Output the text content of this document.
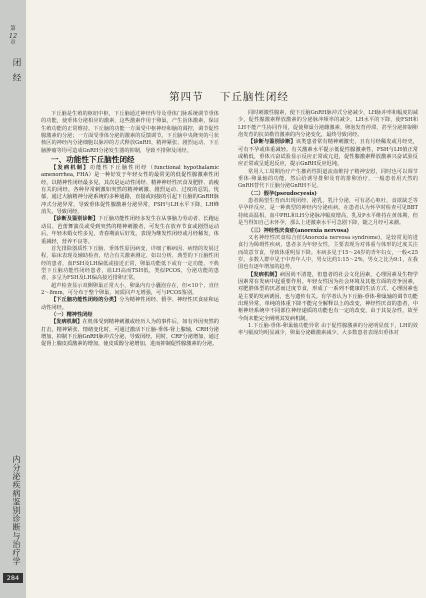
第
12
章
闭 经
内分泌疾病鉴别诊断与治疗学
284
第四节 下丘脑性闭经

下丘脑是生殖的枢纽中枢，下丘脑通过神经传导及垂体门脉系统调节垂体的功能，使垂体分泌相应的激素，这些激素作用于卵巢，产生甾体激素，保证生殖功能的正常维持。下丘脑的功能一方面受中枢神经和脑的调控，调节促性腺激素的分泌；一方面受垂体分泌的激素的反馈调节。下丘脑中央隆突的弓状核区的神经内分泌细胞以脉冲的方式释放GnRH，精神紧张、剧烈运动、下丘脑肿瘤等均可造成GnRH分泌发生器的抑制，导致不排卵及闭经。

一、功能性下丘脑性闭经

【发病机制】功能性下丘脑性闭经（functional hypothalamic amenorrhea, FHA）是一种好发于年轻女性的最常见的低促性腺激素性闭经，以精神性闭经最多见，其次是运动性闭经、精神神经性厌食及肥胖、消瘦有关的闭经。各种异常刺激如突然的精神刺激、剧烈运动、过度的忍饥、忧郁，通过大脑精神分泌系统的多种通路，直接或间接的引起下丘脑的GnRH脉冲式分泌异常，导致垂体促性腺激素分泌异常，FSH与LH水平下降，LH峰消失，导致闭经。

【诊断及鉴别诊断】下丘脑功能性闭经多发生在从事脑力劳动者、长跑运动员、芭蕾舞演员或受到突然的精神刺激者，可发生在放弃节食或剧烈运动后，年轻未婚女性多见，青春期前后好发。表现为继发性闭经或月经稀发，体重减轻，营养不良等。

首先排除器质性下丘脑、垂体性原因病变，详细了解病因、病情的发展过程，临床表现及辅助检查，结合有关激素测定、如以分析，典型的下丘脑性闭经的患者，血FSH及LH偏低或接近正常，卵巢功能低下或有一定功能，不典型下丘脑功能性闭经患者，血LH高而TSH低，类似PCOS，分泌功能的患者，多呈为FSH及LH偏高接近排卵正常。

超声检查显示双侧卵巢正常大小，卵巢内有小囊泡存在，但<10个，直径2～8mm，可分布于整个卵巢，间质回声无增强，可与PCOS鉴别。

【下丘脑功能性闭经的分类】分为精神性闭经、假孕、神经性厌食症和运动性闭经。

（一）精神性闭经

【发病机制】在机体受到精神刺激或经历人为的事件后，如有外因突然的打击，精神紧张、情绪变化时，可通过激活下丘脑-垂体-肾上腺轴，CRH分泌增加，抑制下丘脑GnRH脉冲式分泌，导致闭经。同时，CRF分泌增加，通过促肾上腺皮质激素的增加，使皮质醇分泌增加，进而抑制促性腺激素的分泌。

同时刺激性腺素，使下丘脑GnRH脉冲式分泌减少，LH脉冲率和幅度的减少，促性腺激素释放激素的分泌脉冲频率的减少，LH水平的下降，使FSH和LH不能产生协同作用，促使卵巢分泌雌激素、卵泡发育停滞、甚至分泌抑制卵泡发育的抗苗勒管激素的内分泌变化，最终导致闭经。

【诊断与鉴别诊断】该类患者常有精神刺激史，且有月经稀发或月经史，可有不孕或体重减轻。有关激素水平提示低促性腺激素性，FSH与LH值正常或稍低，垂体兴奋试验显示反应正常或亢进，促性腺激素释放激素兴奋试验反应正常或呈延迟反应，提示GnRH反应迟钝。

常用人工周期治疗产生撤药性阴道流血维持子精神安慰，同时也可以调节垂体-卵巢轴的功能，然后给诱导排卵及育的排卵治疗，一般患者用天然的GnRH替代下丘脑分泌GnRH不足。

（二）假孕(pseudocyesis)

患者渴望生育而出现闭经、泌乳，乳汁分泌，可有恶心呕吐，食欲缺乏等早孕样反应，是一种典型的神经内分泌疾病。在患者认为怀孕时检查可见BBT持续高温相，血中PRL和LH分泌脉冲幅度增高，乳及P水平维持在黄体期，但是当得知自己未怀孕，那么上述激素水平可急剧下降，随之月经可来潮。

（三）神经性厌食症(anorexia nervosa)

又名神经性厌食综合征(Anorexia nervosa syndrome)，是较常见的进食行为障碍性疾病，患者多为年轻女性，主要表现为对体重与体形的过度关注而故意节食，导致体重明显下降。本病多见于15～24岁的青年妇女，一般<25岁。多数人群中见于中青年人中，男女比约1:15～2%，男女之比为9:1，在我国也有逐年增加的趋势。

【发病机制】病因尚不清楚，但患者的社会文化因素，心理因素及生物学因素常在发病中起重要作用。年轻女性因为社会环境及其他方面的竞争因素，对肥胖体型的厌恶而过度节食，形成了一系列不健康的生活方式，心理因素也是主要的发病诱因，也与遗传有关。有学者认为下丘脑-垂体-卵巢轴的调节功能出现异常，单纯的体重下降不能完全解释以上的改变，神经性厌食的患者，中枢神经系统中不同部位神经递质的功能也有一定的改变，由于其复杂性，故至今尚未能完全阐明其发病机制。

1.下丘脑-垂体-卵巢轴功能异常 由于促性腺激素的分泌明显低下，LH的效率与幅度均明显减少，卵巢分泌雌激素减少。大多数患者表现出垂体对
